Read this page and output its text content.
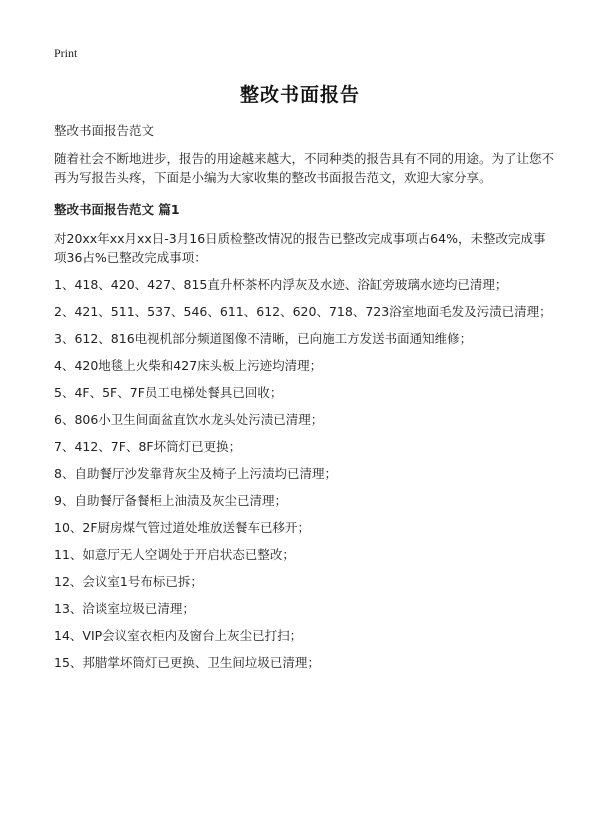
Print
整改书面报告

整改书面报告范文

随着社会不断地进步，报告的用途越来越大，不同种类的报告具有不同的用途。为了让您不再为写报告头疼，下面是小编为大家收集的整改书面报告范文，欢迎大家分享。

整改书面报告范文 篇1

对20xx年xx月xx日-3月16日质检整改情况的报告已整改完成事项占64%，未整改完成事项36占%已整改完成事项：

1、418、420、427、815直升杯茶杯内浮灰及水迹、浴缸旁玻璃水迹均已清理；

2、421、511、537、546、611、612、620、718、723浴室地面毛发及污渍已清理；

3、612、816电视机部分频道图像不清晰，已向施工方发送书面通知维修；

4、420地毯上火柴和427床头板上污迹均清理；

5、4F、5F、7F员工电梯处餐具已回收；

6、806小卫生间面盆直饮水龙头处污渍已清理；

7、412、7F、8F坏筒灯已更换；

8、自助餐厅沙发靠背灰尘及椅子上污渍均已清理；

9、自助餐厅备餐柜上油渍及灰尘已清理；

10、2F厨房煤气管过道处堆放送餐车已移开；

11、如意厅无人空调处于开启状态已整改；

12、会议室1号布标已拆；

13、洽谈室垃圾已清理；

14、VIP会议室衣柜内及窗台上灰尘已打扫；

15、邦腊掌坏筒灯已更换、卫生间垃圾已清理；
